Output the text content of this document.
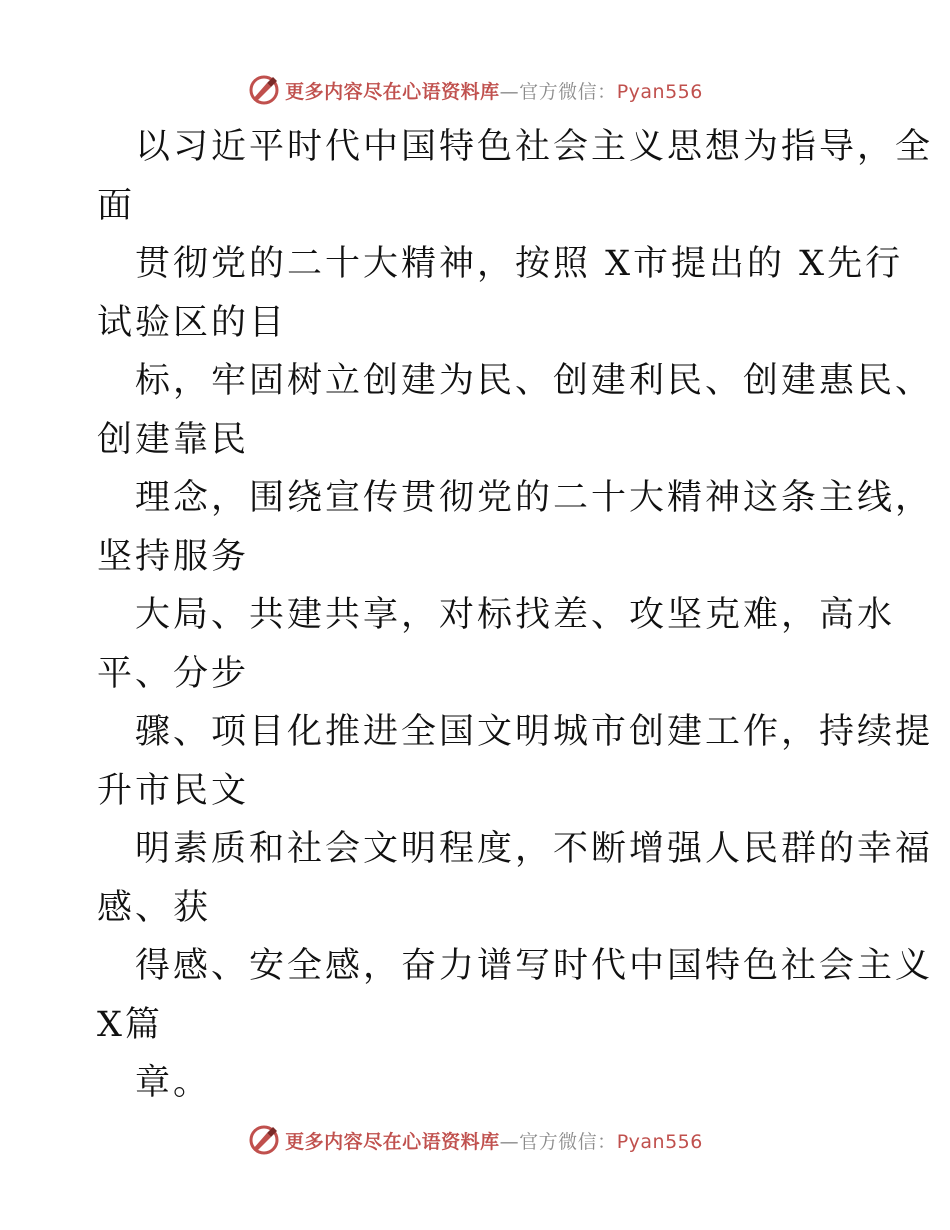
更多内容尽在心语资料库—官方微信：Pyan556
以习近平时代中国特色社会主义思想为指导，全
面
贯彻党的二十大精神，按照 X市提出的 X先行
试验区的目
标，牢固树立创建为民、创建利民、创建惠民、
创建靠民
理念，围绕宣传贯彻党的二十大精神这条主线，
坚持服务
大局、共建共享，对标找差、攻坚克难，高水
平、分步
骤、项目化推进全国文明城市创建工作，持续提
升市民文
明素质和社会文明程度，不断增强人民群的幸福
感、获
得感、安全感，奋力谱写时代中国特色社会主义
X篇
章。
更多内容尽在心语资料库—官方微信：Pyan556
